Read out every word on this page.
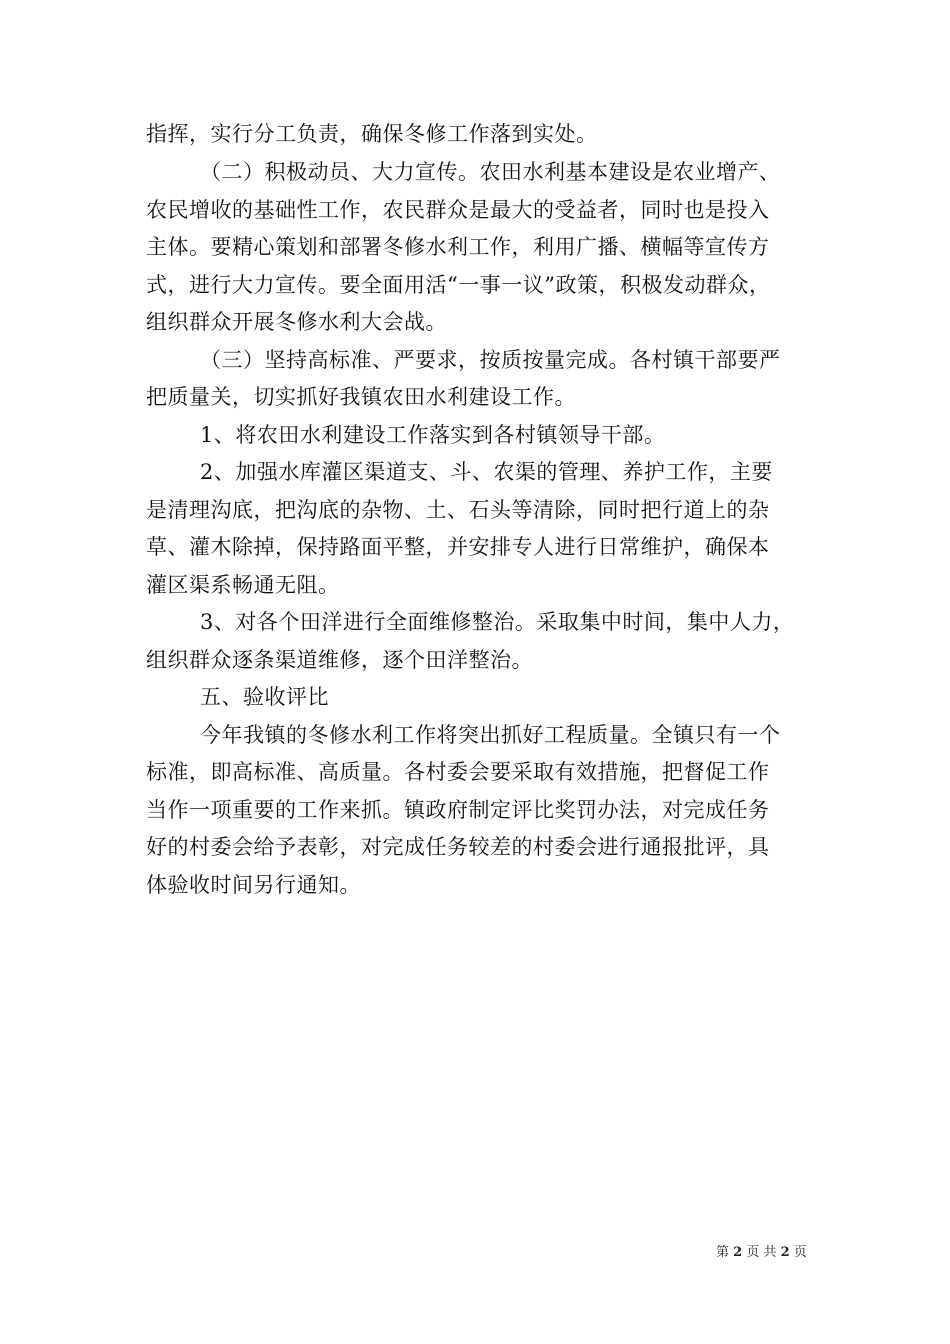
指挥，实行分工负责，确保冬修工作落到实处。
（二）积极动员、大力宣传。农田水利基本建设是农业增产、
农民增收的基础性工作，农民群众是最大的受益者，同时也是投入
主体。要精心策划和部署冬修水利工作，利用广播、横幅等宣传方
式，进行大力宣传。要全面用活“一事一议”政策，积极发动群众，
组织群众开展冬修水利大会战。
（三）坚持高标准、严要求，按质按量完成。各村镇干部要严
把质量关，切实抓好我镇农田水利建设工作。
1、将农田水利建设工作落实到各村镇领导干部。
2、加强水库灌区渠道支、斗、农渠的管理、养护工作，主要
是清理沟底，把沟底的杂物、土、石头等清除，同时把行道上的杂
草、灌木除掉，保持路面平整，并安排专人进行日常维护，确保本
灌区渠系畅通无阻。
3、对各个田洋进行全面维修整治。采取集中时间，集中人力，
组织群众逐条渠道维修，逐个田洋整治。
五、验收评比
今年我镇的冬修水利工作将突出抓好工程质量。全镇只有一个
标准，即高标准、高质量。各村委会要采取有效措施，把督促工作
当作一项重要的工作来抓。镇政府制定评比奖罚办法，对完成任务
好的村委会给予表彰，对完成任务较差的村委会进行通报批评，具
体验收时间另行通知。
第 2 页 共 2 页
